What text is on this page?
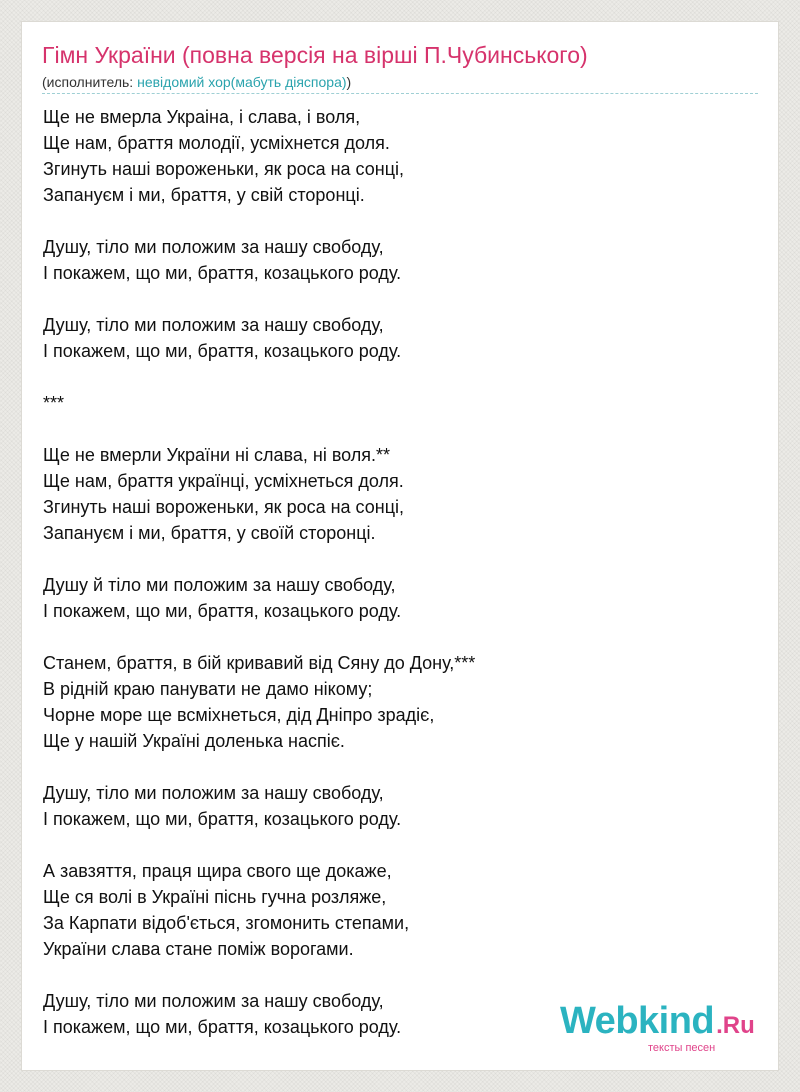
Гімн України (повна версія на вірші П.Чубинського)
(исполнитель: невідомий хор(мабуть діяспора))
Ще не вмерла Украіна, і слава, і воля,
Ще нам, браття молодії, усміхнется доля.
Згинуть наші вороженьки, як роса на сонці,
Запануєм і ми, браття, у свій сторонці.
Душу, тіло ми положим за нашу свободу,
І покажем, що ми, браття, козацького роду.
Душу, тіло ми положим за нашу свободу,
І покажем, що ми, браття, козацького роду.
***
Ще не вмерли України ні слава, ні воля.**
Ще нам, браття українці, усміхнеться доля.
Згинуть наші вороженьки, як роса на сонці,
Запануєм і ми, браття, у своїй сторонці.
Душу й тіло ми положим за нашу свободу,
І покажем, що ми, браття, козацького роду.
Станем, браття, в бій кривавий від Сяну до Дону,***
В рідній краю панувати не дамо нікому;
Чорне море ще всміхнеться, дід Дніпро зрадіє,
Ще у нашій Україні доленька наспіє.
Душу, тіло ми положим за нашу свободу,
І покажем, що ми, браття, козацького роду.
А завзяття, праця щира свого ще докаже,
Ще ся волі в Україні піснь гучна розляже,
За Карпати відоб'ється, згомонить степами,
України слава стане поміж ворогами.
Душу, тіло ми положим за нашу свободу,
І покажем, що ми, браття, козацького роду.	Webkind.Ru
тексты песен
